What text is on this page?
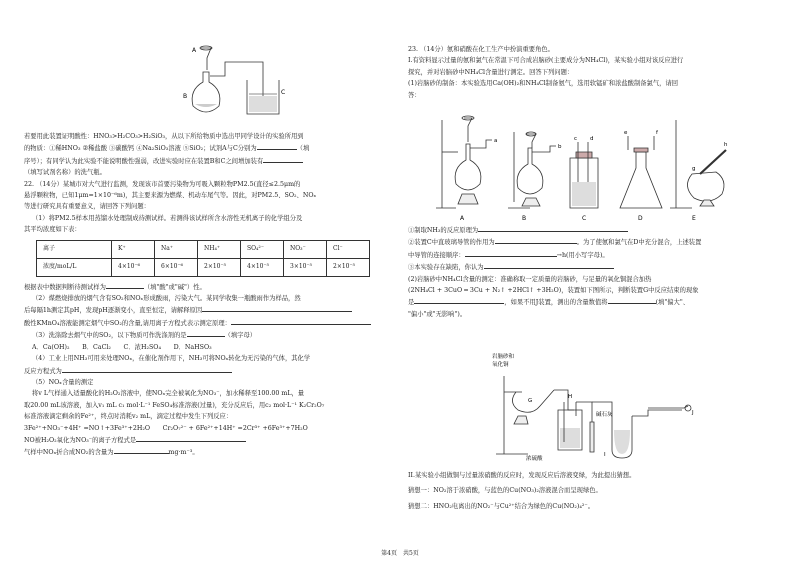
A
B
C

若要用此装置证明酸性：HNO₃>H₂CO₃>H₂SiO₃，从以下所给物质中选出甲同学设计的实验所用到

的物质：①稀HNO₃ ②稀盐酸 ③碳酸钙 ④Na₂SiO₃溶液 ⑤SiO₂；试剂A与C分别为	（填

序号）；有同学认为此实验不能说明酸性强弱，改进实验时应在装置B和C之间增加装有

（填写试剂名称）的洗气瓶。

22. （14分）某城市对大气进行监测，发现该市首要污染物为可吸入颗粒物PM2.5(直径≤2.5μm的

悬浮颗粒物，已知1μm=1×10⁻⁶m)，其主要来源为燃煤、机动车尾气等。因此，对PM2.5、SO₂、NOₓ

等进行研究具有重要意义，请回答下列问题：

（1）将PM2.5样本用蒸馏水处理制成待测试样。若测得该试样所含水溶性无机离子的化学组分及

其平均浓度如下表：

离子	K⁺	Na⁺	NH₄⁺	SO₄²⁻	NO₃⁻	Cl⁻
浓度/moL/L	4×10⁻⁶	6×10⁻⁶	2×10⁻⁵	4×10⁻⁵	3×10⁻⁵	2×10⁻⁵

根据表中数据判断待测试样为	（填"酸"或"碱"）性。

（2）煤燃烧排放的烟气含有SO₂和NOₓ形成酸雨，污染大气。某同学收集一瓶酸雨作为样品，然

后每隔1h测定其pH，发现pH逐渐变小，直至恒定，请解释原因

酸性KMnO₄溶液能测定烟气中SO₂的含量,请用离子方程式表示测定原理：

（3）洗涤除去烟气中的SO₂，以下物质可作洗涤剂的是	（填字母）

A．Ca(OH)₂　　B．CaCl₂　　C．浓H₂SO₄　　D．NaHSO₃

（4）工业上用NH₃可用来处理NOₓ，在催化剂作用下，NH₃可将NOₓ转化为无污染的气体，其化学

反应方程式为

（5）NOₓ含量的测定

将v L气样通入适量酸化的H₂O₂溶液中，使NOₓ完全被氧化为NO₃⁻，加水稀释至100.00 mL，量

取20.00 mL该溶液，加入v₁ mL c₁ mol·L⁻¹ FeSO₄标准溶液(过量)，充分反应后，用c₂ mol·L⁻¹ K₂Cr₂O₇

标准溶液滴定剩余的Fe²⁺，终点时消耗v₂ mL，滴定过程中发生下列反应：

3Fe²⁺+NO₃⁻+4H⁺ =NO↑+3Fe³⁺+2H₂O　　Cr₂O₇²⁻ + 6Fe²⁺+14H⁺ =2Cr³⁺ +6Fe³⁺+7H₂O

NO被H₂O₂氧化为NO₃⁻的离子方程式是

气样中NOₓ折合成NO₂的含量为	mg·m⁻³。

23. （14分）氨和硝酸在化工生产中扮演重要角色。

I.有资料显示过量的氨和氯气在常温下可合成岩脑砂(主要成分为NH₄Cl)，某实验小组对该反应进行

探究，并对岩脑砂中NH₄Cl含量进行测定。回答下列问题：

(1)岩脑砂的制备：本实验选用Ca(OH)₂和NH₄Cl制备氨气，选用软锰矿和浓盐酸制备氯气，请回

答：

A	B	C	D	E
a
b
c d
e	f
g
h

①制取NH₃的反应原理为

②装置C中直玻璃导管的作用为	。为了使氨和氯气在D中充分混合，上述装置

中导管的连接顺序：	→h(用小写字母)。

③本实验存在缺陷，你认为

(2)岩脑砂中NH₄Cl含量的测定：准确称取一定质量的岩脑砂，与足量的氧化铜混合加热

(2NH₄Cl + 3CuO ═ 3Cu + N₂↑ +2HCl↑ +3H₂O)，装置如下图所示，判断装置G中反应结束的现象

是	，如果不用J装置，测出的含量数值将	(填"偏大"、

"偏小"或"无影响")。

岩脑砂和
氧化铜
G
H
碱石灰
I
J
浓硫酸

II.某实验小组做铜与过量浓硝酸的反应时，发现反应后溶液变绿，为此提出猜想。

猜想一：NO₂溶于浓硝酸，与蓝色的Cu(NO₃)₂溶液混合而呈现绿色。

猜想二：HNO₂电离出的NO₂⁻与Cu²⁺结合为绿色的Cu(NO₂)₄²⁻。

第4页　共5页
